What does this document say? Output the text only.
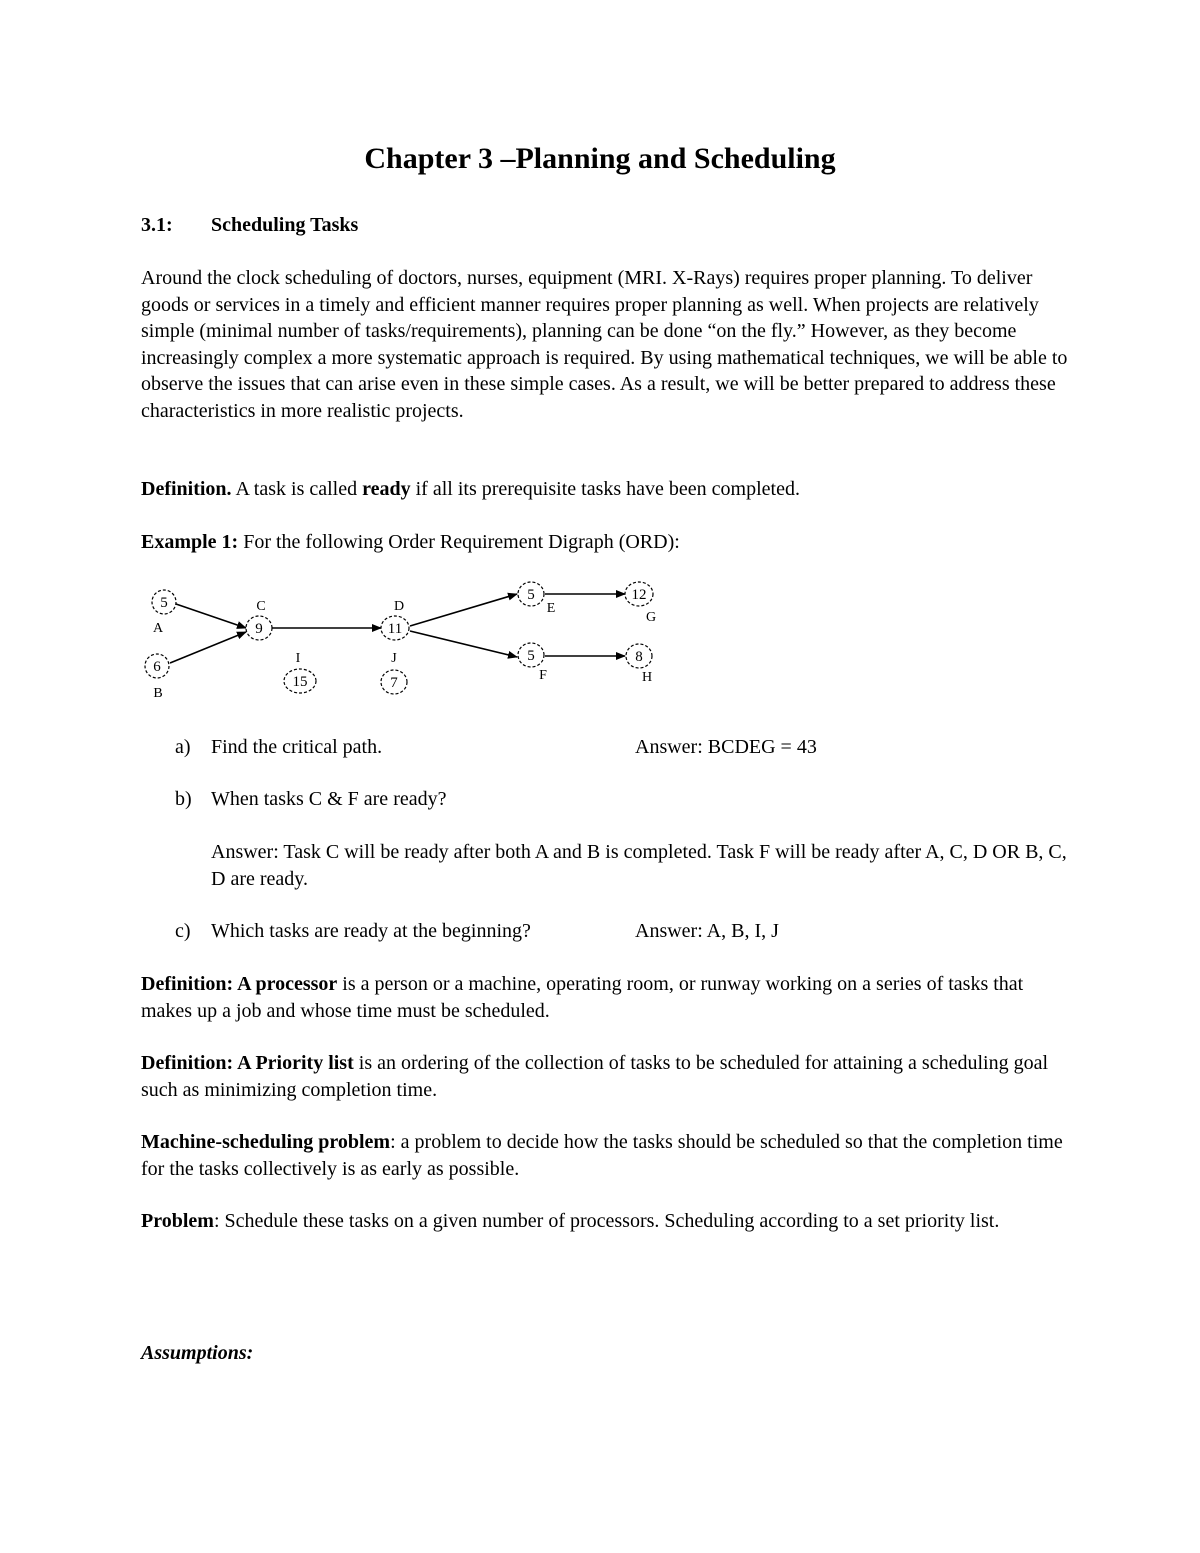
Chapter 3 –Planning and Scheduling
3.1: Scheduling Tasks

Around the clock scheduling of doctors, nurses, equipment (MRI. X-Rays) requires proper planning. To deliver goods or services in a timely and efficient manner requires proper planning as well. When projects are relatively simple (minimal number of tasks/requirements), planning can be done “on the fly.” However, as they become increasingly complex a more systematic approach is required. By using mathematical techniques, we will be able to observe the issues that can arise even in these simple cases. As a result, we will be better prepared to address these characteristics in more realistic projects.

Definition. A task is called ready if all its prerequisite tasks have been completed.

Example 1: For the following Order Requirement Digraph (ORD):

5
6
9	11
5
5
12
8
15	7
A
B
C	D	E
F
G
H
I	J
a)	Find the critical path.	Answer: BCDEG = 43
b) When tasks C & F are ready?
Answer: Task C will be ready after both A and B is completed. Task F will be ready after A, C, D OR B, C, D are ready.
c)	Which tasks are ready at the beginning?	Answer: A, B, I, J

Definition: A processor is a person or a machine, operating room, or runway working on a series of tasks that makes up a job and whose time must be scheduled.

Definition: A Priority list is an ordering of the collection of tasks to be scheduled for attaining a scheduling goal such as minimizing completion time.

Machine-scheduling problem: a problem to decide how the tasks should be scheduled so that the completion time for the tasks collectively is as early as possible.

Problem: Schedule these tasks on a given number of processors. Scheduling according to a set priority list.

Assumptions:
